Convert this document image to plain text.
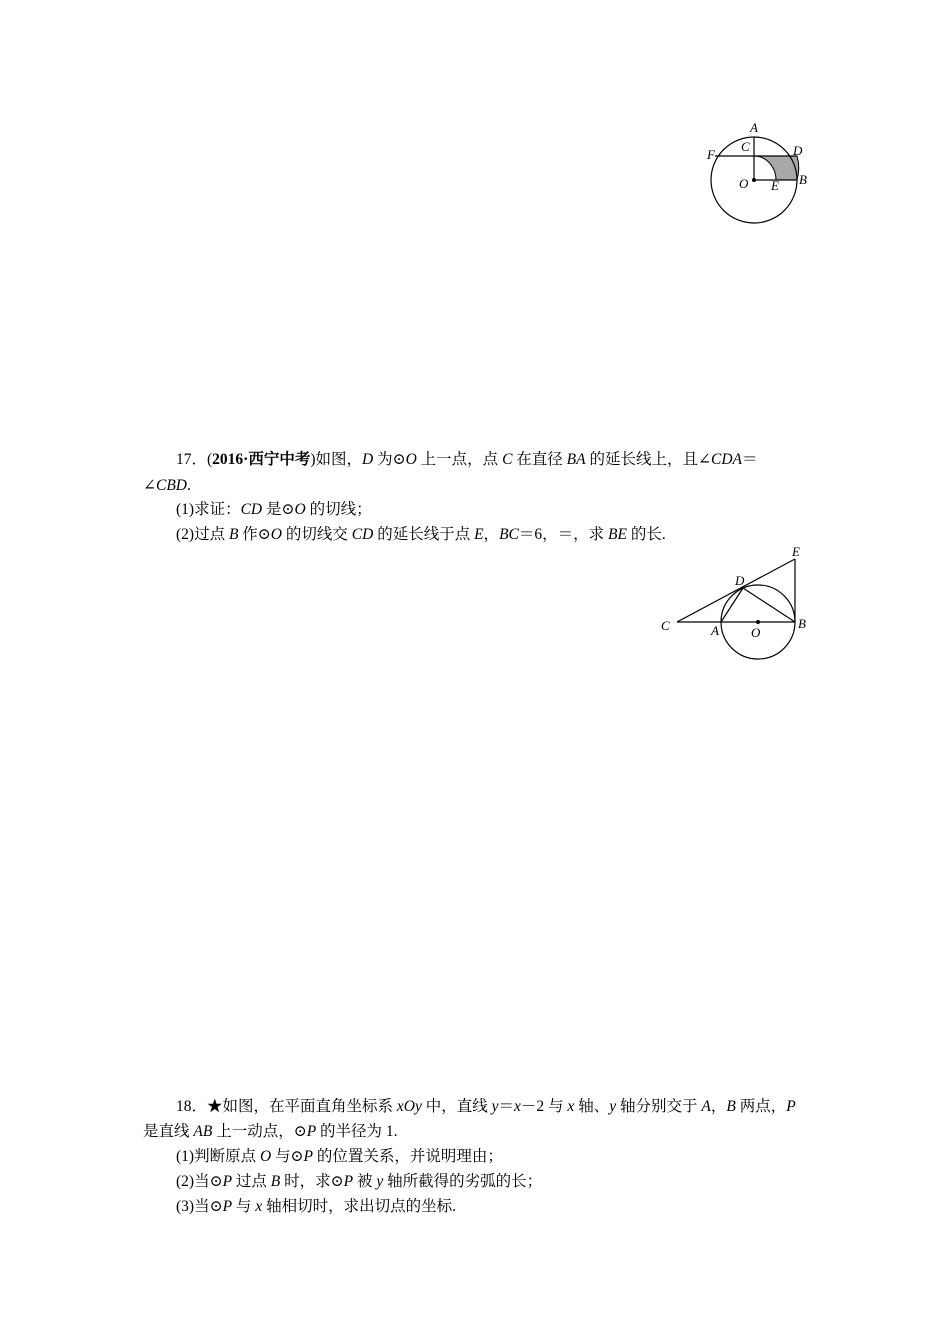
A
C	D
F
O E B
17．(2016·西宁中考)如图，D 为⊙O 上一点，点 C 在直径 BA 的延长线上，且∠CDA＝
∠CBD.
(1)求证：CD 是⊙O 的切线；
(2)过点 B 作⊙O 的切线交 CD 的延长线于点 E，BC＝6，＝，求 BE 的长.
E
D
C	A O
B
18．★如图，在平面直角坐标系 xOy 中，直线 y＝x－2 与 x 轴、y 轴分别交于 A，B 两点，P
是直线 AB 上一动点，⊙P 的半径为 1.
(1)判断原点 O 与⊙P 的位置关系，并说明理由；
(2)当⊙P 过点 B 时，求⊙P 被 y 轴所截得的劣弧的长；
(3)当⊙P 与 x 轴相切时，求出切点的坐标.
